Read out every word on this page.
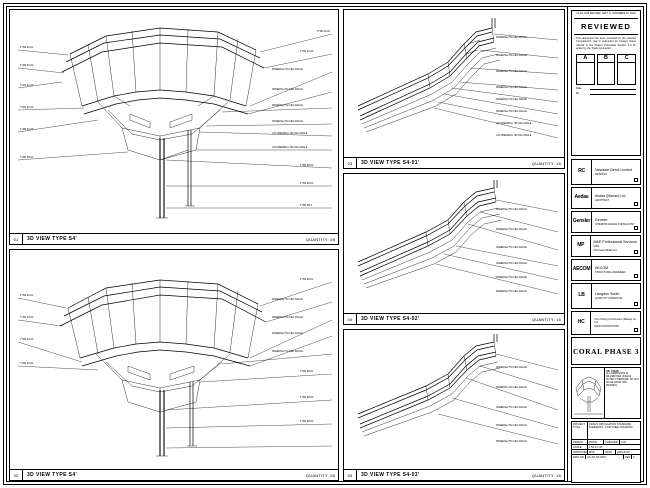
TYPE 3A-01
TYPE 3A-02
TYPE 3A-03
TYPE 3A-04
TYPE 3A-05
TYPE 3B-01
TYPE 3A-01
TYPE 3A-02
SPEEDflow TM C&O ANGLE
SPEEDflow TM C&O ANGLE
SPEEDflow TM C&O ANGLE
SPEEDflow TM C&O ANGLE
L/R SPEEDflow TM C&O ANGLE
L/R SPEEDflow TM C&O ANGLE
TYPE 3B-02
TYPE 3B-03
TYPE 3B-4
01	3D VIEW TYPE S4'	QUANTITY: 08
TYPE 3A-01
TYPE 3A-02
TYPE 3A-03
TYPE 3A-04
TYPE 3B-01
SPEEDflow TM C&O ANGLE
SPEEDflow TM C&O ANGLE
SPEEDflow TM C&O ANGLE
SPEEDflow TM C&O ANGLE
TYPE 3B-02
TYPE 3B-03
TYPE 3B-04
02	3D VIEW TYPE S4'	QUANTITY: 08
SPEEDflow TM C&O ANGLE
SPEEDflow TM C&O ANGLE
SPEEDflow TM C&O ANGLE
SPEEDflow TM C&O ANGLE
SPEEDflow TM C&O ANGLE
SPEEDflow TM C&O ANGLE
L/R SPEEDflow TM C&O ANGLE
L/R SPEEDflow TM C&O ANGLE
03	3D VIEW TYPE S4-01'	QUANTITY: 16
SPEEDflow TM C&O ANGLE
SPEEDflow TM C&O ANGLE
SPEEDflow TM C&O ANGLE
SPEEDflow TM C&O ANGLE
SPEEDflow TM C&O ANGLE
SPEEDflow TM C&O ANGLE
04	3D VIEW TYPE S4-02'	QUANTITY: 16
SPEEDflow TM C&O ANGLE
SPEEDflow TM C&O ANGLE
SPEEDflow TM C&O ANGLE
SPEEDflow TM C&O ANGLE
SPEEDflow TM C&O ANGLE
05	3D VIEW TYPE S4-03'	QUANTITY: 16
31 JUL 2023 (REVISED: SEPT 11, NOVEMBER 10, 2023)
REVIEWED
This document has been reviewed by the relevant Consultant(s) and is submitted for Design status referral to the Project Procedure Section 5.4 for action by the Trade Contractor.
A	B	C
Date
By
RC	Newdale Direct Limited
DRAWING
Aedas	Aedas (Macau) Ltd.
ARCHITECT
Gensler	Gensler
INTERIOR DESIGN CONSULTANT
MP
M&E Professional Services Ltd.
Meinhardt (M&E) Ltd.
AECOM	AECOM
STRUCTURAL ENGINEER
LB	Langdon South
QUANTITY SURVEYOR
HC	Hsin-Chong Construction (Macau) Co. Ltd.
MAIN CONTRACTOR
CORAL PHASE 3
3D VIEW
ALL DIMENSIONS IN MILLIMETRES UNLESS NOTED OTHERWISE. DO NOT SCALE FROM THIS DRAWING.
PROJECT TITLE
RUN-IN CIRCULATION STANDARD ELEMENTS - FOR STEEL DRAWING
DRAWN	DAVID	CHECKED	1.00
SCALE	1:50 & 1:15
APPROVED MSK	DATE	2023-10-07
DWG NO	HC-SC-ST-0001	REV	A
